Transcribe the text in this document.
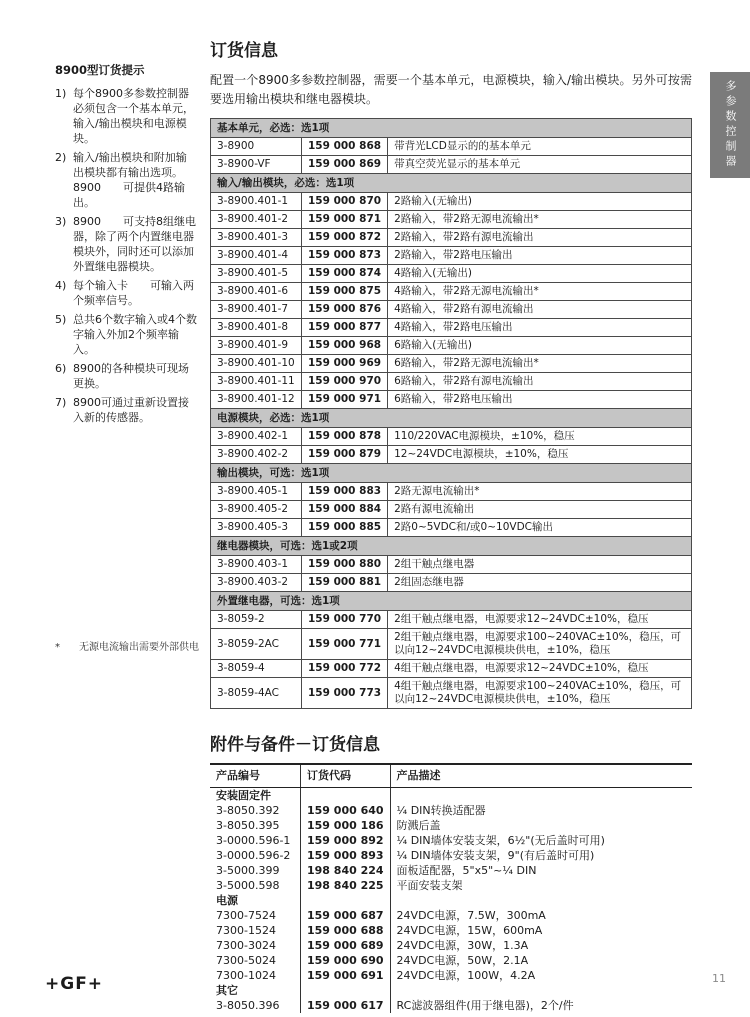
多参数控制器
8900型订货提示
1) 每个8900多参数控制器必须包含一个基本单元，输入/输出模块和电源模块。
2) 输入/输出模块和附加输出模块都有输出选项。8900　　可提供4路输出。
3) 8900　　可支持8组继电器，除了两个内置继电器模块外，同时还可以添加外置继电器模块。
4) 每个输入卡　　可输入两个频率信号。
5) 总共6个数字输入或4个数字输入外加2个频率输入。
6) 8900的各种模块可现场更换。
7) 8900可通过重新设置接入新的传感器。
*	无源电流输出需要外部供电
订货信息

配置一个8900多参数控制器，需要一个基本单元，电源模块，输入/输出模块。另外可按需要选用输出模块和继电器模块。

基本单元，必选：选1项		
3-8900	159 000 868	带背光LCD显示的的基本单元
3-8900-VF	159 000 869	带真空荧光显示的基本单元
输入/输出模块，必选：选1项		
3-8900.401-1	159 000 870	2路输入(无输出)
3-8900.401-2	159 000 871	2路输入，带2路无源电流输出*
3-8900.401-3	159 000 872	2路输入，带2路有源电流输出
3-8900.401-4	159 000 873	2路输入，带2路电压输出
3-8900.401-5	159 000 874	4路输入(无输出)
3-8900.401-6	159 000 875	4路输入，带2路无源电流输出*
3-8900.401-7	159 000 876	4路输入，带2路有源电流输出
3-8900.401-8	159 000 877	4路输入，带2路电压输出
3-8900.401-9	159 000 968	6路输入(无输出)
3-8900.401-10	159 000 969	6路输入，带2路无源电流输出*
3-8900.401-11	159 000 970	6路输入，带2路有源电流输出
3-8900.401-12	159 000 971	6路输入，带2路电压输出
电源模块，必选：选1项		
3-8900.402-1	159 000 878	110/220VAC电源模块，±10%，稳压
3-8900.402-2	159 000 879	12~24VDC电源模块，±10%，稳压
输出模块，可选：选1项		
3-8900.405-1	159 000 883	2路无源电流输出*
3-8900.405-2	159 000 884	2路有源电流输出
3-8900.405-3	159 000 885	2路0~5VDC和/或0~10VDC输出
继电器模块，可选：选1或2项		
3-8900.403-1	159 000 880	2组干触点继电器
3-8900.403-2	159 000 881	2组固态继电器
外置继电器，可选：选1项		
3-8059-2	159 000 770	2组干触点继电器，电源要求12~24VDC±10%，稳压
3-8059-2AC	159 000 771	2组干触点继电器，电源要求100~240VAC±10%，稳压，可以向12~24VDC电源模块供电，±10%，稳压
3-8059-4	159 000 772	4组干触点继电器，电源要求12~24VDC±10%，稳压
3-8059-4AC	159 000 773	4组干触点继电器，电源要求100~240VAC±10%，稳压，可以向12~24VDC电源模块供电，±10%，稳压
附件与备件－订货信息
产品编号	订货代码	产品描述
安装固定件		
3-8050.392	159 000 640	¼ DIN转换适配器
3-8050.395	159 000 186	防溅后盖
3-0000.596-1	159 000 892	¼ DIN墙体安装支架，6½"(无后盖时可用)
3-0000.596-2	159 000 893	¼ DIN墙体安装支架，9"(有后盖时可用)
3-5000.399	198 840 224	面板适配器，5"x5"~¼ DIN
3-5000.598	198 840 225	平面安装支架
电源		
7300-7524	159 000 687	24VDC电源，7.5W，300mA
7300-1524	159 000 688	24VDC电源，15W，600mA
7300-3024	159 000 689	24VDC电源，30W，1.3A
7300-5024	159 000 690	24VDC电源，50W，2.1A
7300-1024	159 000 691	24VDC电源，100W，4.2A
其它		
3-8050.396	159 000 617	RC滤波器组件(用于继电器)，2个/件
+GF+	11
